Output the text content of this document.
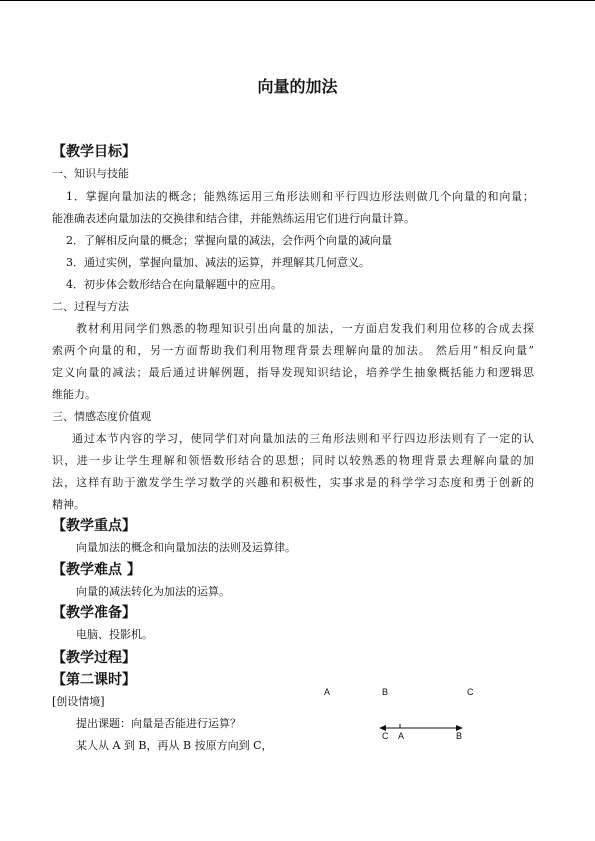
向量的加法
【教学目标】
一、知识与技能
1．掌握向量加法的概念；能熟练运用三角形法则和平行四边形法则做几个向量的和向量；
能准确表述向量加法的交换律和结合律，并能熟练运用它们进行向量计算。
2．了解相反向量的概念；掌握向量的减法，会作两个向量的减向量
3．通过实例，掌握向量加、减法的运算，并理解其几何意义。
4．初步体会数形结合在向量解题中的应用。
二、过程与方法
教材利用同学们熟悉的物理知识引出向量的加法，一方面启发我们利用位移的合成去探
索两个向量的和，另一方面帮助我们利用物理背景去理解向量的加法。 然后用“相反向量”
定义向量的减法；最后通过讲解例题，指导发现知识结论，培养学生抽象概括能力和逻辑思
维能力。
三、情感态度价值观
通过本节内容的学习，使同学们对向量加法的三角形法则和平行四边形法则有了一定的认
识，进一步让学生理解和领悟数形结合的思想；同时以较熟悉的物理背景去理解向量的加
法，这样有助于激发学生学习数学的兴趣和积极性，实事求是的科学学习态度和勇于创新的
精神。
【教学重点】
向量加法的概念和向量加法的法则及运算律。
【教学难点 】
向量的减法转化为加法的运算。
【教学准备】
电脑、投影机。
【教学过程】
【第二课时】
[创设情境]
提出课题：向量是否能进行运算？
某人从 A 到 B，再从 B 按原方向到 C，
A	B	C
C A	B
